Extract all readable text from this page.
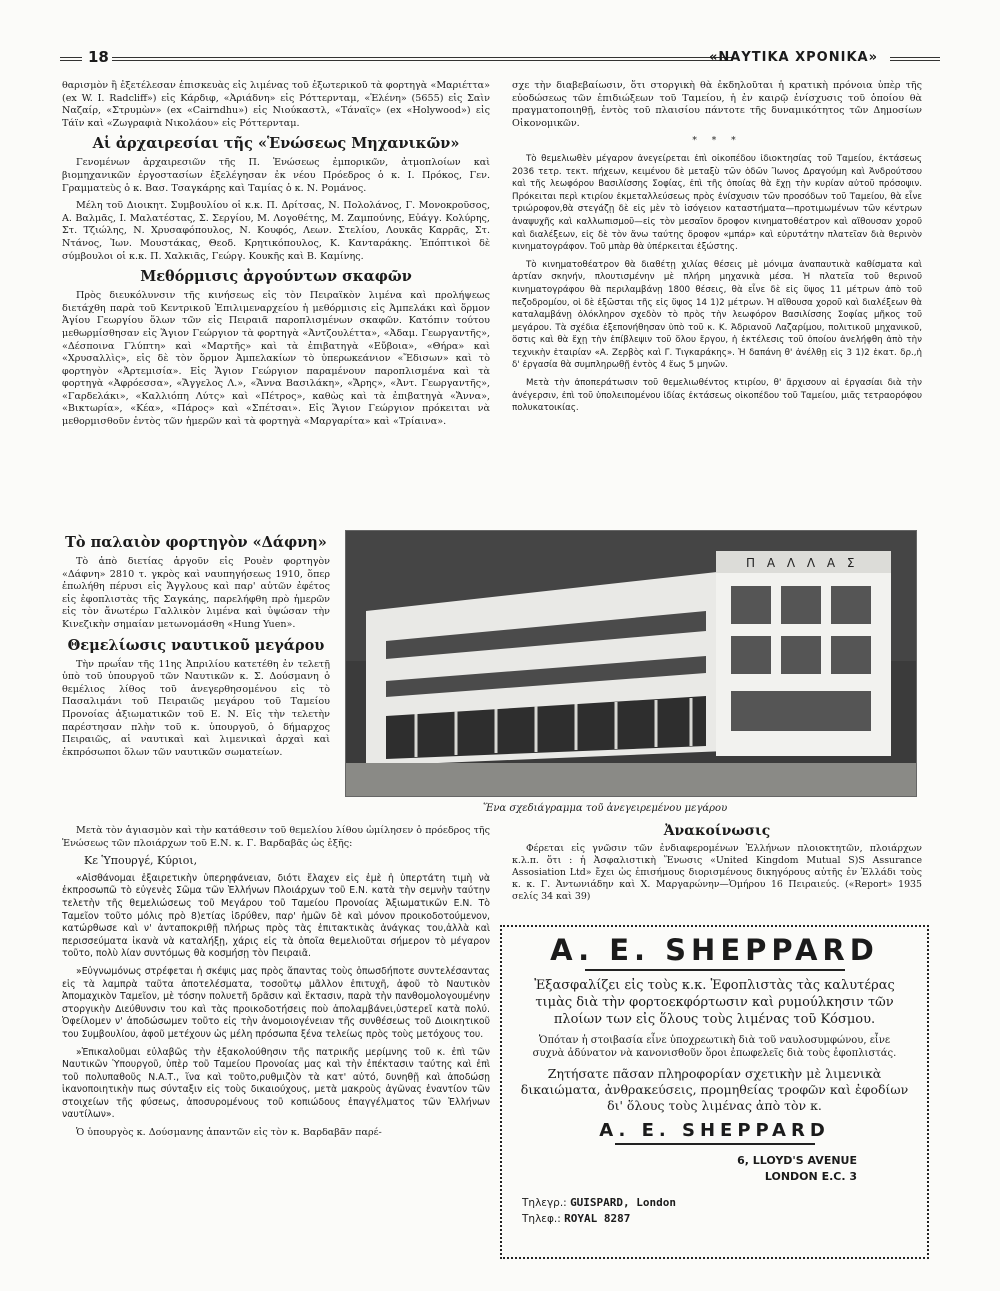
18	«ΝΑΥΤΙΚΑ ΧΡΟΝΙΚΑ»

θαρισμὸν ἢ ἐξετέλεσαν ἐπισκευὰς εἰς λιμένας τοῦ ἐξωτερικοῦ τὰ φορτηγὰ «Μαριέττα» (ex W. I. Radcliff») εἰς Κάρδιφ, «Ἀριάδνη» εἰς Ρόττερνταμ, «Ἑλένη» (5655) εἰς Σαὶν Ναζαίρ, «Στρυμὼν» (ex «Cairndhu») εἰς Νιούκαστλ, «Τάναϊς» (ex «Holywood») εἰς Τάϊν καὶ «Ζωγραφιὰ Νικολάου» εἰς Ρόττερνταμ.

Αἱ ἀρχαιρεσίαι τῆς «Ἑνώσεως Μηχανικῶν»

Γενομένων ἀρχαιρεσιῶν τῆς Π. Ἑνώσεως ἐμπορικῶν, ἀτμοπλοίων καὶ βιομηχανικῶν ἐργοστασίων ἐξελέγησαν ἐκ νέου Πρόεδρος ὁ κ. Ι. Πρόκος, Γεν. Γραμματεὺς ὁ κ. Βασ. Τσαγκάρης καὶ Ταμίας ὁ κ. Ν. Ρομάνος.

Μέλη τοῦ Διοικητ. Συμβουλίου οἱ κ.κ. Π. Δρίτσας, Ν. Πολολάνος, Γ. Μονοκροῦσος, Α. Βαλμᾶς, Ι. Μαλατέστας, Σ. Σεργίου, Μ. Λογοθέτης, Μ. Ζαμπούνης, Εὐάγγ. Κολύρης, Στ. Τζιώλης, Ν. Χρυσαφόπουλος, Ν. Κουφός, Λεων. Στελίου, Λουκᾶς Καρρᾶς, Στ. Ντάνος, Ἰων. Μουστάκας, Θεοδ. Κρητικόπουλος, Κ. Κανταράκης. Ἐπόπτικοὶ δὲ σύμβουλοι οἱ κ.κ. Π. Χαλκιᾶς, Γεώργ. Κουκῆς καὶ Β. Καμίνης.

Μεθόρμισις ἀργούντων σκαφῶν

Πρὸς διευκόλυνσιν τῆς κινήσεως εἰς τὸν Πειραϊκὸν λιμένα καὶ προλήψεως διετάχθη παρὰ τοῦ Κεντρικοῦ Ἐπιλιμεναρχείου ἡ μεθόρμισις εἰς Ἀμπελάκι καὶ ὅρμον Ἁγίου Γεωργίου ὅλων τῶν εἰς Πειραιᾶ παροπλισμένων σκαφῶν. Κατόπιν τούτου μεθωρμίσθησαν εἰς Ἅγιον Γεώργιον τὰ φορτηγὰ «Ἀντζουλέττα», «Ἀδαμ. Γεωργαντῆς», «Δέσποινα Γλύπτη» καὶ «Μαρτῆς» καὶ τὰ ἐπιβατηγὰ «Εὔβοια», «Θήρα» καὶ «Χρυσαλλὶς», εἰς δὲ τὸν ὅρμον Ἀμπελακίων τὸ ὑπερωκεάνιον «Ἔδισων» καὶ τὸ φορτηγὸν «Ἀρτεμισία». Εἰς Ἅγιον Γεώργιον παραμένουν παροπλισμένα καὶ τὰ φορτηγὰ «Ἀφρόεσσα», «Ἄγγελος Λ.», «Ἄννα Βασιλάκη», «Ἄρης», «Ἀντ. Γεωργαντῆς», «Γαρδελάκι», «Καλλιόπη Λύτς» καὶ «Πέτρος», καθὼς καὶ τὰ ἐπιβατηγὰ «Ἄννα», «Βικτωρία», «Κέα», «Πάρος» καὶ «Σπέτσαι». Εἰς Ἅγιον Γεώργιον πρόκειται νὰ μεθορμισθοῦν ἐντὸς τῶν ἡμερῶν καὶ τὰ φορτηγὰ «Μαργαρίτα» καὶ «Τρίαινα».

Τὸ παλαιὸν φορτηγὸν «Δάφνη»

Τὸ ἀπὸ διετίας ἀργοῦν εἰς Ρουὲν φορτηγὸν «Δάφνη» 2810 τ. γκρὸς καὶ ναυπηγήσεως 1910, ὅπερ ἐπωλήθη πέρυσι εἰς Ἄγγλους καὶ παρ' αὐτῶν ἐφέτος εἰς ἐφοπλιστὰς τῆς Σαγκάης, παρελήφθη πρὸ ἡμερῶν εἰς τὸν ἄνωτέρω Γαλλικὸν λιμένα καὶ ὑψώσαν τὴν Κινεζικὴν σημαίαν μετωνομάσθη «Hung Yuen».

Θεμελίωσις ναυτικοῦ μεγάρου

Τὴν πρωΐαν τῆς 11ης Ἀπριλίου κατετέθη ἐν τελετῇ ὑπὸ τοῦ ὑπουργοῦ τῶν Ναυτικῶν κ. Σ. Δούσμανη ὁ θεμέλιος λίθος τοῦ ἀνεγερθησομένου εἰς τὸ Πασαλιμάνι τοῦ Πειραιῶς μεγάρου τοῦ Ταμείου Προνοίας ἀξιωματικῶν τοῦ Ε. Ν. Εἰς τὴν τελετὴν παρέστησαν πλὴν τοῦ κ. ὑπουργοῦ, ὁ δήμαρχος Πειραιῶς, αἱ ναυτικαὶ καὶ λιμενικαὶ ἀρχαὶ καὶ ἐκπρόσωποι ὅλων τῶν ναυτικῶν σωματείων.

Μετὰ τὸν ἁγιασμὸν καὶ τὴν κατάθεσιν τοῦ θεμελίου λίθου ὡμίλησεν ὁ πρόεδρος τῆς Ἑνώσεως τῶν πλοιάρχων τοῦ Ε.Ν. κ. Γ. Βαρδαβᾶς ὡς ἑξῆς:

Κε Ὑπουργέ, Κύριοι,

«Αἰσθάνομαι ἐξαιρετικὴν ὑπερηφάνειαν, διότι ἔλαχεν εἰς ἐμὲ ἡ ὑπερτάτη τιμὴ νὰ ἐκπροσωπῶ τὸ εὐγενὲς Σῶμα τῶν Ἑλλήνων Πλοιάρχων τοῦ Ε.Ν. κατὰ τὴν σεμνὴν ταύτην τελετὴν τῆς θεμελιώσεως τοῦ Μεγάρου τοῦ Ταμείου Προνοίας Ἀξιωματικῶν Ε.Ν. Τὸ Ταμεῖον τοῦτο μόλις πρὸ 8)ετίας ἱδρύθεν, παρ' ἡμῶν δὲ καὶ μόνον προικοδοτούμενον, κατώρθωσε καὶ ν' ἀνταποκριθῇ πλήρως πρὸς τὰς ἐπιτακτικὰς ἀνάγκας του,ἀλλὰ καὶ περισσεύματα ἱκανὰ νὰ καταλήξῃ, χάρις εἰς τὰ ὁποῖα θεμελιοῦται σήμερον τὸ μέγαρον τοῦτο, πολὺ λίαν συντόμως θὰ κοσμήσῃ τὸν Πειραιᾶ.

»Εὐγνωμόνως στρέφεται ἡ σκέψις μας πρὸς ἅπαντας τοὺς ὁπωσδήποτε συντελέσαντας εἰς τὰ λαμπρὰ ταῦτα ἀποτελέσματα, τοσοῦτῳ μᾶλλον ἐπιτυχῆ, ἀφοῦ τὸ Ναυτικὸν Ἀπομαχικὸν Ταμεῖον, μὲ τόσην πολυετῆ δρᾶσιν καὶ ἔκτασιν, παρὰ τὴν πανθομολογουμένην στοργικὴν Διεύθυνσιν του καὶ τὰς προικοδοτήσεις ποὺ ἀπολαμβάνει,ὑστερεῖ κατὰ πολύ. Ὀφείλομεν ν' ἀποδώσωμεν τοῦτο εἰς τὴν ἀνομοιογένειαν τῆς συνθέσεως τοῦ Διοικητικοῦ του Συμβουλίου, ἀφοῦ μετέχουν ὡς μέλη πρόσωπα ξένα τελείως πρὸς τοὺς μετόχους του.

»Ἐπικαλοῦμαι εὐλαβῶς τὴν ἐξακολούθησιν τῆς πατρικῆς μερίμνης τοῦ κ. ἐπὶ τῶν Ναυτικῶν Ὑπουργοῦ, ὑπὲρ τοῦ Ταμείου Προνοίας μας καὶ τὴν ἐπέκτασιν ταύτης καὶ ἐπὶ τοῦ πολυπαθοῦς Ν.Α.Τ., ἵνα καὶ τοῦτο,ρυθμιζὸν τὰ κατ' αὐτό, δυνηθῇ καὶ ἀποδώσῃ ἱκανοποιητικὴν πως σύνταξιν εἰς τοὺς δικαιούχους, μετὰ μακροὺς ἀγῶνας ἐναντίον τῶν στοιχείων τῆς φύσεως, ἀποσυρομένους τοῦ κοπιώδους ἐπαγγέλματος τῶν Ἑλλήνων ναυτίλων».

Ὁ ὑπουργὸς κ. Δούσμανης ἀπαντῶν εἰς τὸν κ. Βαρδαβᾶν παρέ-

σχε τὴν διαβεβαίωσιν, ὅτι στοργικὴ θὰ ἐκδηλοῦται ἡ κρατικὴ πρόνοια ὑπὲρ τῆς εὐοδώσεως τῶν ἐπιδιώξεων τοῦ Ταμείου, ἡ ἐν καιρῷ ἐνίσχυσις τοῦ ὁποίου θὰ πραγματοποιηθῇ, ἐντὸς τοῦ πλαισίου πάντοτε τῆς δυναμικότητος τῶν Δημοσίων Οἰκονομικῶν.

* * *

Τὸ θεμελιωθὲν μέγαρον ἀνεγείρεται ἐπὶ οἰκοπέδου ἰδιοκτησίας τοῦ Ταμείου, ἐκτάσεως 2036 τετρ. τεκτ. πήχεων, κειμένου δὲ μεταξὺ τῶν ὁδῶν Ἴωνος Δραγούμη καὶ Ἀνδρούτσου καὶ τῆς λεωφόρου Βασιλίσσης Σοφίας, ἐπὶ τῆς ὁποίας θὰ ἔχῃ τὴν κυρίαν αὐτοῦ πρόσοψιν. Πρόκειται περὶ κτιρίου ἐκμεταλλεύσεως πρὸς ἐνίσχυσιν τῶν προσόδων τοῦ Ταμείου, θὰ εἶνε τριώροφον,θὰ στεγάζῃ δὲ εἰς μὲν τὸ ἰσόγειον καταστήματα—προτιμωμένων τῶν κέντρων ἀναψυχῆς καὶ καλλωπισμοῦ—εἰς τὸν μεσαῖον ὄροφον κινηματοθέατρον καὶ αἴθουσαν χοροῦ καὶ διαλέξεων, εἰς δὲ τὸν ἄνω ταύτης ὄροφον «μπάρ» καὶ εὐρυτάτην πλατεῖαν διὰ θερινὸν κινηματογράφον. Τοῦ μπὰρ θὰ ὑπέρκειται ἐξώστης.

Τὸ κινηματοθέατρον θὰ διαθέτῃ χιλίας θέσεις μὲ μόνιμα ἀναπαυτικὰ καθίσματα καὶ ἀρτίαν σκηνήν, πλουτισμένην μὲ πλήρη μηχανικὰ μέσα. Ἡ πλατεῖα τοῦ θερινοῦ κινηματογράφου θὰ περιλαμβάνῃ 1800 θέσεις, θὰ εἶνε δὲ εἰς ὕψος 11 μέτρων ἀπὸ τοῦ πεζοδρομίου, οἱ δὲ ἐξῶσται τῆς εἰς ὕψος 14 1)2 μέτρων. Ἡ αἴθουσα χοροῦ καὶ διαλέξεων θὰ καταλαμβάνῃ ὁλόκληρον σχεδὸν τὸ πρὸς τὴν λεωφόρον Βασιλίσσης Σοφίας μῆκος τοῦ μεγάρου. Τὰ σχέδια ἐξεπονήθησαν ὑπὸ τοῦ κ. Κ. Ἀδριανοῦ Λαζαρίμου, πολιτικοῦ μηχανικοῦ, ὅστις καὶ θὰ ἔχῃ τὴν ἐπίβλεψιν τοῦ ὅλου ἔργου, ἡ ἐκτέλεσις τοῦ ὁποίου ἀνελήφθη ἀπὸ τὴν τεχνικὴν ἑταιρίαν «Α. Ζερβὸς καὶ Γ. Τιγκαράκης». Ἡ δαπάνη θ' ἀνέλθῃ εἰς 3 1)2 ἑκατ. δρ.,ἡ δ' ἐργασία θὰ συμπληρωθῇ ἐντὸς 4 ἕως 5 μηνῶν.

Μετὰ τὴν ἀποπεράτωσιν τοῦ θεμελιωθέντος κτιρίου, θ' ἄρχισουν αἱ ἐργασίαι διὰ τὴν ἀνέγερσιν, ἐπὶ τοῦ ὑπολειπομένου ἰδίας ἐκτάσεως οἰκοπέδου τοῦ Ταμείου, μιᾶς τετραορόφου πολυκατοικίας.

Π Α Λ Λ Α Σ
Ἕνα σχεδιάγραμμα τοῦ ἀνεγειρεμένου μεγάρου
Ἀνακοίνωσις

Φέρεται εἰς γνῶσιν τῶν ἐνδιαφερομένων Ἑλλήνων πλοιοκτητῶν, πλοιάρχων κ.λ.π. ὅτι : ἡ Ἀσφαλιστικὴ Ἕνωσις «United Kingdom Mutual S)S Assurance Assosiation Ltd» ἔχει ὡς ἐπισήμους διορισμένους δικηγόρους αὐτῆς ἐν Ἑλλάδι τοὺς κ. κ. Γ. Ἀντωνιάδην καὶ Χ. Μαργαρώνην—Ὁμήρου 16 Πειραιεύς. («Report» 1935 σελίς 34 καὶ 39)

A. E. SHEPPARD
Ἐξασφαλίζει εἰς τοὺς κ.κ. Ἐφοπλιστὰς τὰς καλυτέρας τιμὰς διὰ τὴν φορτοεκφόρτωσιν καὶ ρυμούλκησιν τῶν πλοίων των εἰς ὅλους τοὺς λιμένας τοῦ Κόσμου.
Ὁπόταν ἡ στοιβασία εἶνε ὑποχρεωτικὴ διὰ τοῦ ναυλοσυμφώνου, εἶνε συχνὰ ἀδύνατον νὰ κανονισθοῦν ὅροι ἐπωφελεῖς διὰ τοὺς ἐφοπλιστάς.
Ζητήσατε πᾶσαν πληροφορίαν σχετικὴν μὲ λιμενικὰ δικαιώματα, ἀνθρακεύσεις, προμηθείας τροφῶν καὶ ἐφοδίων δι' ὅλους τοὺς λιμένας ἀπὸ τὸν κ.
A. E. SHEPPARD
6, LLOYD'S AVENUE
LONDON E.C. 3
Τηλεγρ.: GUISPARD, London
Τηλεφ.: ROYAL 8287
